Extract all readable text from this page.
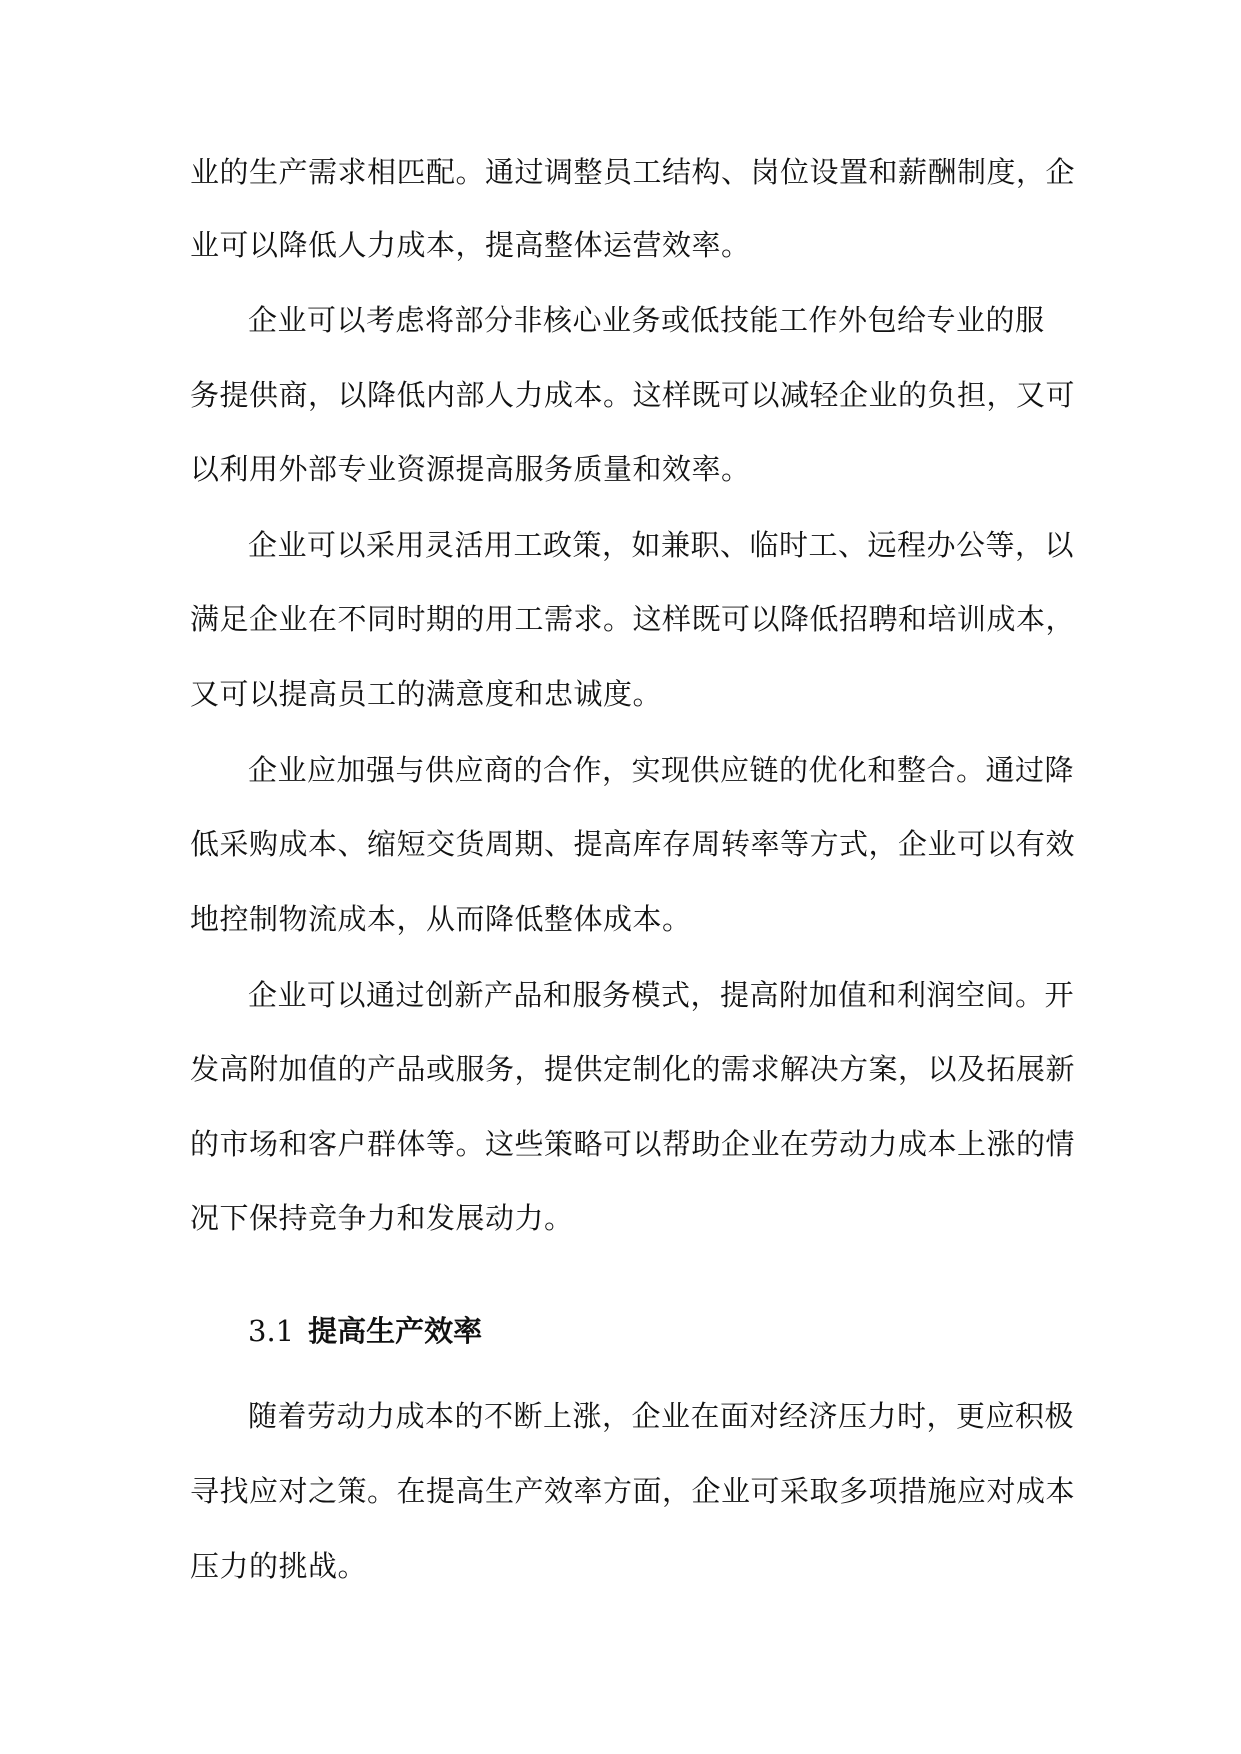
业的生产需求相匹配。通过调整员工结构、岗位设置和薪酬制度，企
业可以降低人力成本，提高整体运营效率。
企业可以考虑将部分非核心业务或低技能工作外包给专业的服
务提供商，以降低内部人力成本。这样既可以减轻企业的负担，又可
以利用外部专业资源提高服务质量和效率。
企业可以采用灵活用工政策，如兼职、临时工、远程办公等，以
满足企业在不同时期的用工需求。这样既可以降低招聘和培训成本，
又可以提高员工的满意度和忠诚度。
企业应加强与供应商的合作，实现供应链的优化和整合。通过降
低采购成本、缩短交货周期、提高库存周转率等方式，企业可以有效
地控制物流成本，从而降低整体成本。
企业可以通过创新产品和服务模式，提高附加值和利润空间。开
发高附加值的产品或服务，提供定制化的需求解决方案，以及拓展新
的市场和客户群体等。这些策略可以帮助企业在劳动力成本上涨的情
况下保持竞争力和发展动力。
3.1 提高生产效率
随着劳动力成本的不断上涨，企业在面对经济压力时，更应积极
寻找应对之策。在提高生产效率方面，企业可采取多项措施应对成本
压力的挑战。
